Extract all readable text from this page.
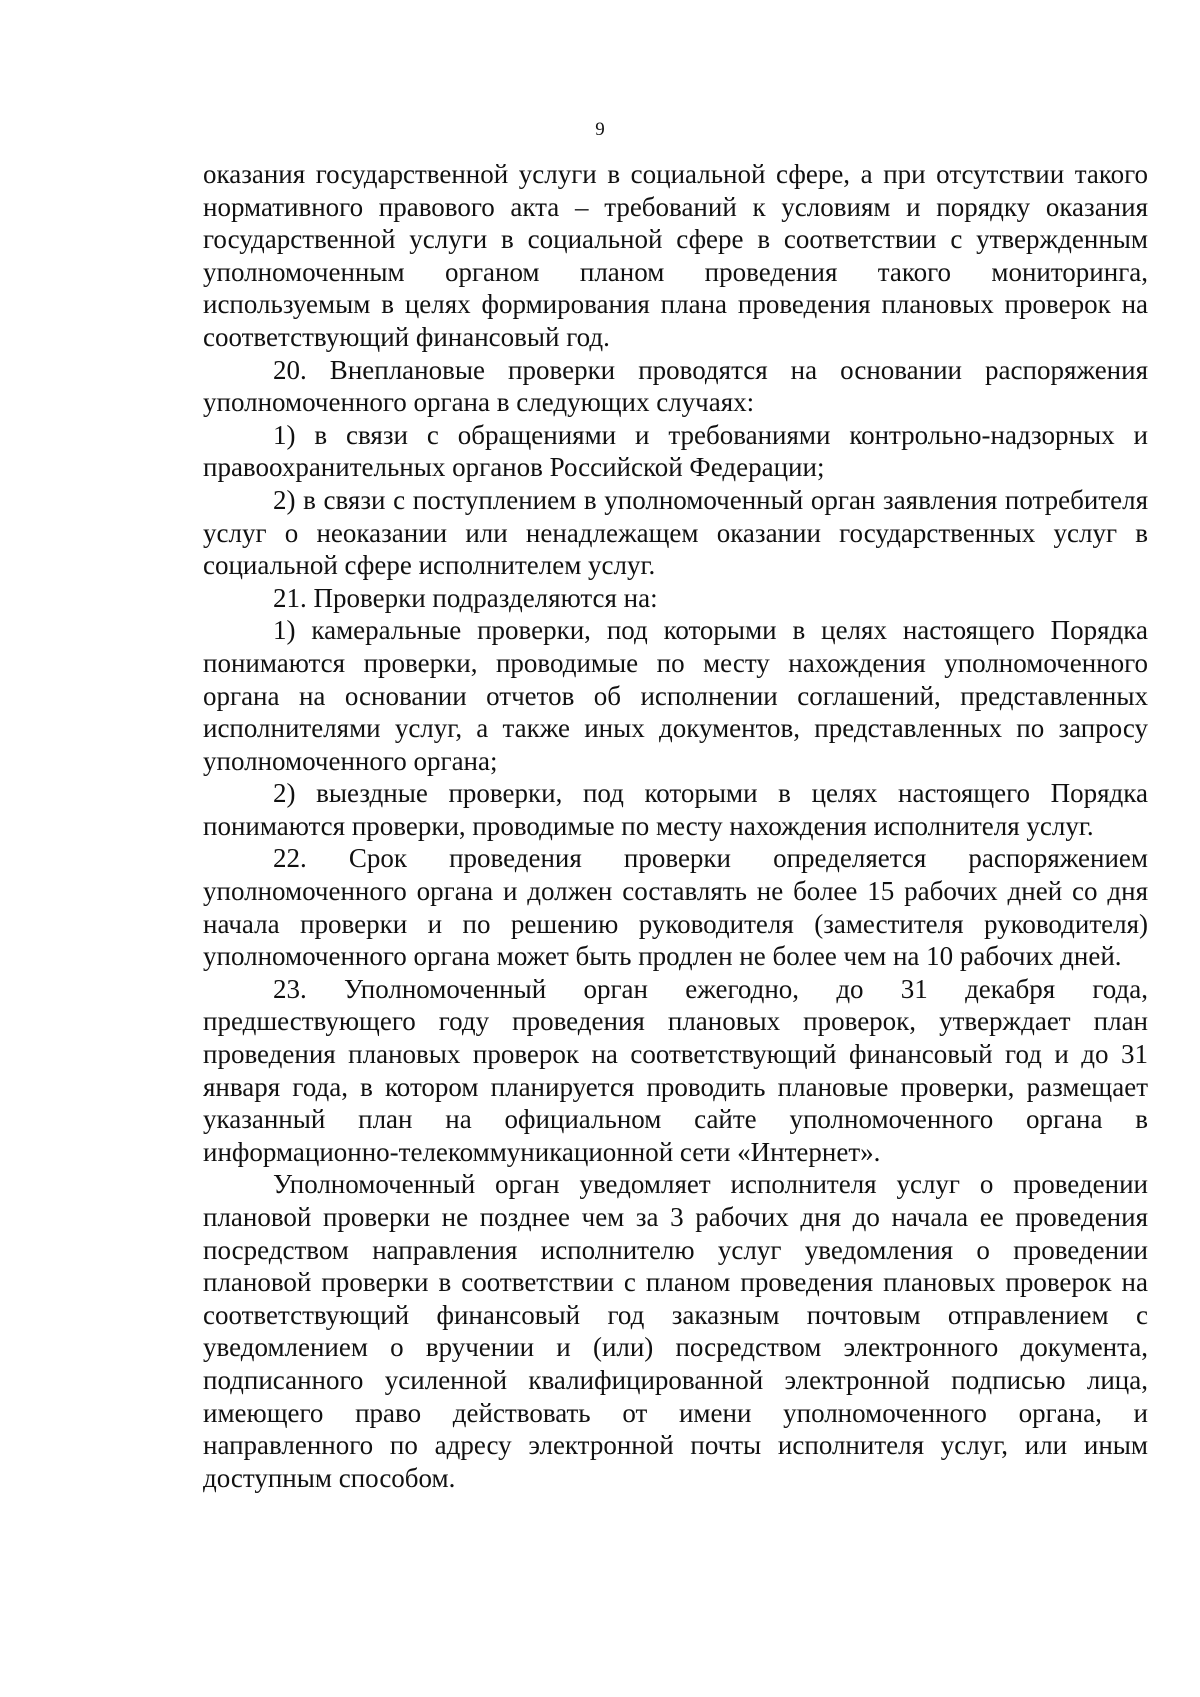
9

оказания государственной услуги в социальной сфере, а при отсутствии такого нормативного правового акта – требований к условиям и порядку оказания государственной услуги в социальной сфере в соответствии с утвержденным уполномоченным органом планом проведения такого мониторинга, используемым в целях формирования плана проведения плановых проверок на соответствующий финансовый год.

20. Внеплановые проверки проводятся на основании распоряжения уполномоченного органа в следующих случаях:

1) в связи с обращениями и требованиями контрольно-надзорных и правоохранительных органов Российской Федерации;

2) в связи с поступлением в уполномоченный орган заявления потребителя услуг о неоказании или ненадлежащем оказании государственных услуг в социальной сфере исполнителем услуг.

21. Проверки подразделяются на:

1) камеральные проверки, под которыми в целях настоящего Порядка понимаются проверки, проводимые по месту нахождения уполномоченного органа на основании отчетов об исполнении соглашений, представленных исполнителями услуг, а также иных документов, представленных по запросу уполномоченного органа;

2) выездные проверки, под которыми в целях настоящего Порядка понимаются проверки, проводимые по месту нахождения исполнителя услуг.

22. Срок проведения проверки определяется распоряжением уполномоченного органа и должен составлять не более 15 рабочих дней со дня начала проверки и по решению руководителя (заместителя руководителя) уполномоченного органа может быть продлен не более чем на 10 рабочих дней.

23. Уполномоченный орган ежегодно, до 31 декабря года, предшествующего году проведения плановых проверок, утверждает план проведения плановых проверок на соответствующий финансовый год и до 31 января года, в котором планируется проводить плановые проверки, размещает указанный план на официальном сайте уполномоченного органа в информационно-телекоммуникационной сети «Интернет».

Уполномоченный орган уведомляет исполнителя услуг о проведении плановой проверки не позднее чем за 3 рабочих дня до начала ее проведения посредством направления исполнителю услуг уведомления о проведении плановой проверки в соответствии с планом проведения плановых проверок на соответствующий финансовый год заказным почтовым отправлением с уведомлением о вручении и (или) посредством электронного документа, подписанного усиленной квалифицированной электронной подписью лица, имеющего право действовать от имени уполномоченного органа, и направленного по адресу электронной почты исполнителя услуг, или иным доступным способом.
